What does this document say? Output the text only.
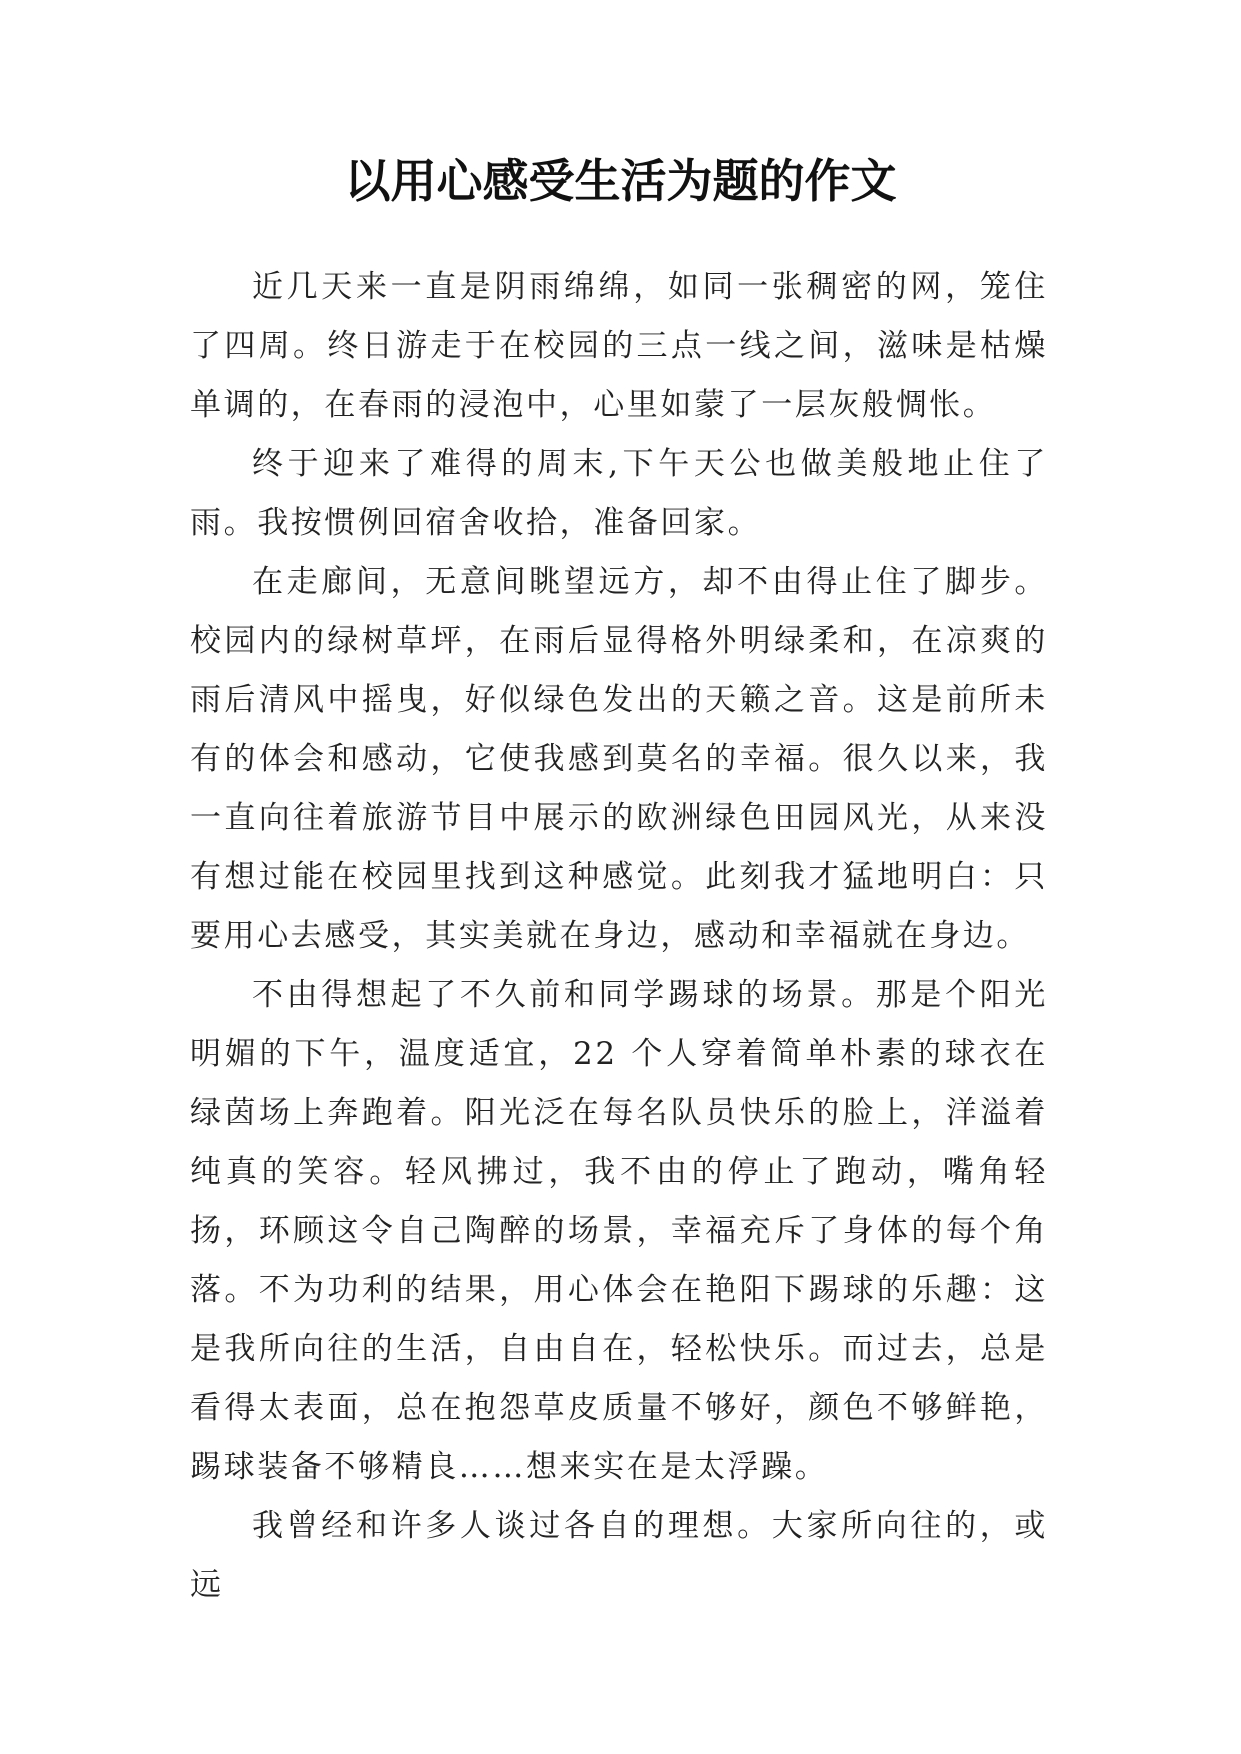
以用心感受生活为题的作文

近几天来一直是阴雨绵绵，如同一张稠密的网，笼住了四周。终日游走于在校园的三点一线之间，滋味是枯燥单调的，在春雨的浸泡中，心里如蒙了一层灰般惆怅。

终于迎来了难得的周末,下午天公也做美般地止住了雨。我按惯例回宿舍收拾，准备回家。

在走廊间，无意间眺望远方，却不由得止住了脚步。校园内的绿树草坪，在雨后显得格外明绿柔和，在凉爽的雨后清风中摇曳，好似绿色发出的天籁之音。这是前所未有的体会和感动，它使我感到莫名的幸福。很久以来，我一直向往着旅游节目中展示的欧洲绿色田园风光，从来没有想过能在校园里找到这种感觉。此刻我才猛地明白：只要用心去感受，其实美就在身边，感动和幸福就在身边。

不由得想起了不久前和同学踢球的场景。那是个阳光明媚的下午，温度适宜，22 个人穿着简单朴素的球衣在绿茵场上奔跑着。阳光泛在每名队员快乐的脸上，洋溢着纯真的笑容。轻风拂过，我不由的停止了跑动，嘴角轻扬，环顾这令自己陶醉的场景，幸福充斥了身体的每个角落。不为功利的结果，用心体会在艳阳下踢球的乐趣：这是我所向往的生活，自由自在，轻松快乐。而过去，总是看得太表面，总在抱怨草皮质量不够好，颜色不够鲜艳，踢球装备不够精良……想来实在是太浮躁。

我曾经和许多人谈过各自的理想。大家所向往的，或远
